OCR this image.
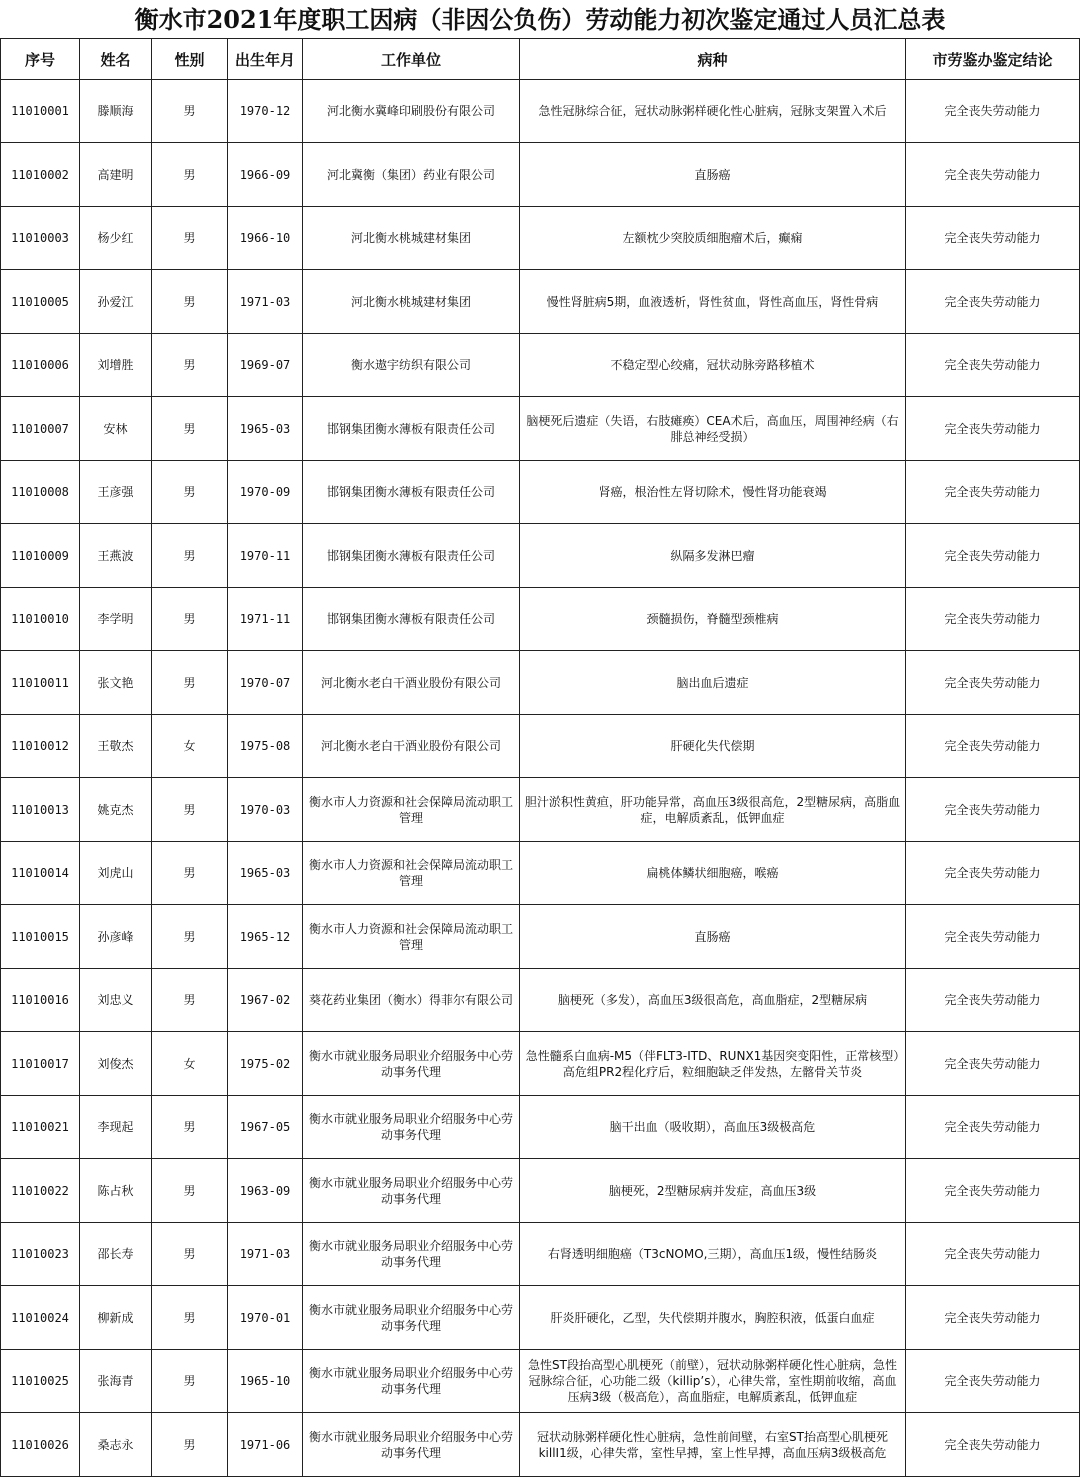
衡水市2021年度职工因病（非因公负伤）劳动能力初次鉴定通过人员汇总表
序号	姓名	性别	出生年月	工作单位	病种	市劳鉴办鉴定结论
11010001	滕顺海	男	1970-12	河北衡水冀峰印刷股份有限公司	急性冠脉综合征，冠状动脉粥样硬化性心脏病，冠脉支架置入术后	完全丧失劳动能力
11010002	高建明	男	1966-09	河北冀衡（集团）药业有限公司	直肠癌	完全丧失劳动能力
11010003	杨少红	男	1966-10	河北衡水桃城建材集团	左额枕少突胶质细胞瘤术后，癫痫	完全丧失劳动能力
11010005	孙爱江	男	1971-03	河北衡水桃城建材集团	慢性肾脏病5期，血液透析，肾性贫血，肾性高血压，肾性骨病	完全丧失劳动能力
11010006	刘增胜	男	1969-07	衡水遨宇纺织有限公司	不稳定型心绞痛，冠状动脉旁路移植术	完全丧失劳动能力
11010007	安林	男	1965-03	邯钢集团衡水薄板有限责任公司	脑梗死后遗症（失语，右肢瘫痪）CEA术后，高血压，周围神经病（右腓总神经受损）	完全丧失劳动能力
11010008	王彦强	男	1970-09	邯钢集团衡水薄板有限责任公司	肾癌，根治性左肾切除术，慢性肾功能衰竭	完全丧失劳动能力
11010009	王燕波	男	1970-11	邯钢集团衡水薄板有限责任公司	纵隔多发淋巴瘤	完全丧失劳动能力
11010010	李学明	男	1971-11	邯钢集团衡水薄板有限责任公司	颈髓损伤，脊髓型颈椎病	完全丧失劳动能力
11010011	张文艳	男	1970-07	河北衡水老白干酒业股份有限公司	脑出血后遗症	完全丧失劳动能力
11010012	王敬杰	女	1975-08	河北衡水老白干酒业股份有限公司	肝硬化失代偿期	完全丧失劳动能力
11010013	姚克杰	男	1970-03	衡水市人力资源和社会保障局流动职工管理	胆汁淤积性黄疸，肝功能异常，高血压3级很高危，2型糖尿病，高脂血症，电解质紊乱，低钾血症	完全丧失劳动能力
11010014	刘虎山	男	1965-03	衡水市人力资源和社会保障局流动职工管理	扁桃体鳞状细胞癌，喉癌	完全丧失劳动能力
11010015	孙彦峰	男	1965-12	衡水市人力资源和社会保障局流动职工管理	直肠癌	完全丧失劳动能力
11010016	刘忠义	男	1967-02	葵花药业集团（衡水）得菲尔有限公司	脑梗死（多发），高血压3级很高危，高血脂症，2型糖尿病	完全丧失劳动能力
11010017	刘俊杰	女	1975-02	衡水市就业服务局职业介绍服务中心劳动事务代理	急性髓系白血病-M5（伴FLT3-ITD、RUNX1基因突变阳性，正常核型）高危组PR2程化疗后，粒细胞缺乏伴发热，左髂骨关节炎	完全丧失劳动能力
11010021	李现起	男	1967-05	衡水市就业服务局职业介绍服务中心劳动事务代理	脑干出血（吸收期），高血压3级极高危	完全丧失劳动能力
11010022	陈占秋	男	1963-09	衡水市就业服务局职业介绍服务中心劳动事务代理	脑梗死，2型糖尿病并发症，高血压3级	完全丧失劳动能力
11010023	邵长寿	男	1971-03	衡水市就业服务局职业介绍服务中心劳动事务代理	右肾透明细胞癌（T3cNOMO,三期），高血压1级，慢性结肠炎	完全丧失劳动能力
11010024	柳新成	男	1970-01	衡水市就业服务局职业介绍服务中心劳动事务代理	肝炎肝硬化，乙型，失代偿期并腹水，胸腔积液，低蛋白血症	完全丧失劳动能力
11010025	张海青	男	1965-10	衡水市就业服务局职业介绍服务中心劳动事务代理	急性ST段抬高型心肌梗死（前壁），冠状动脉粥样硬化性心脏病，急性冠脉综合征，心功能二级（killip’s），心律失常，室性期前收缩，高血压病3级（极高危），高血脂症，电解质紊乱，低钾血症	完全丧失劳动能力
11010026	桑志永	男	1971-06	衡水市就业服务局职业介绍服务中心劳动事务代理	冠状动脉粥样硬化性心脏病，急性前间壁，右室ST抬高型心肌梗死killI1级，心律失常，室性早搏，室上性早搏，高血压病3级极高危	完全丧失劳动能力
